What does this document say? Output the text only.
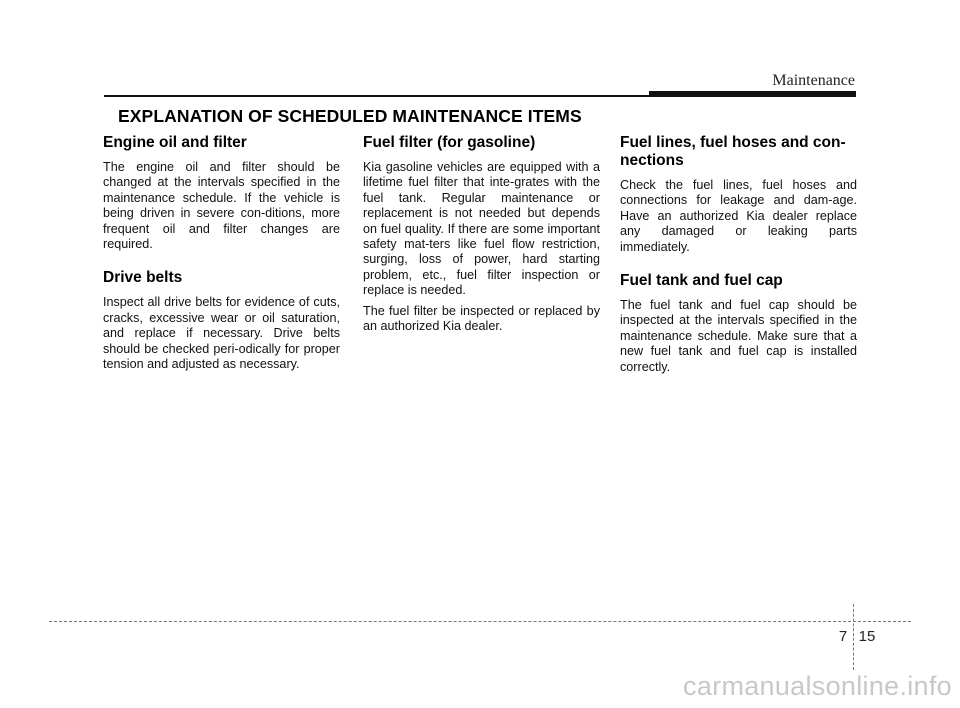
Maintenance
EXPLANATION OF SCHEDULED MAINTENANCE ITEMS
Engine oil and filter

The engine oil and filter should be changed at the intervals specified in the maintenance schedule. If the vehicle is being driven in severe con-ditions, more frequent oil and filter changes are required.

Drive belts

Inspect all drive belts for evidence of cuts, cracks, excessive wear or oil saturation, and replace if necessary. Drive belts should be checked peri-odically for proper tension and adjusted as necessary.

Fuel filter (for gasoline)

Kia gasoline vehicles are equipped with a lifetime fuel filter that inte-grates with the fuel tank. Regular maintenance or replacement is not needed but depends on fuel quality. If there are some important safety mat-ters like fuel flow restriction, surging, loss of power, hard starting problem, etc., fuel filter inspection or replace is needed.

The fuel filter be inspected or replaced by an authorized Kia dealer.

Fuel lines, fuel hoses and con-nections

Check the fuel lines, fuel hoses and connections for leakage and dam-age. Have an authorized Kia dealer replace any damaged or leaking parts immediately.

Fuel tank and fuel cap

The fuel tank and fuel cap should be inspected at the intervals specified in the maintenance schedule. Make sure that a new fuel tank and fuel cap is installed correctly.

7 15
carmanualsonline.info
